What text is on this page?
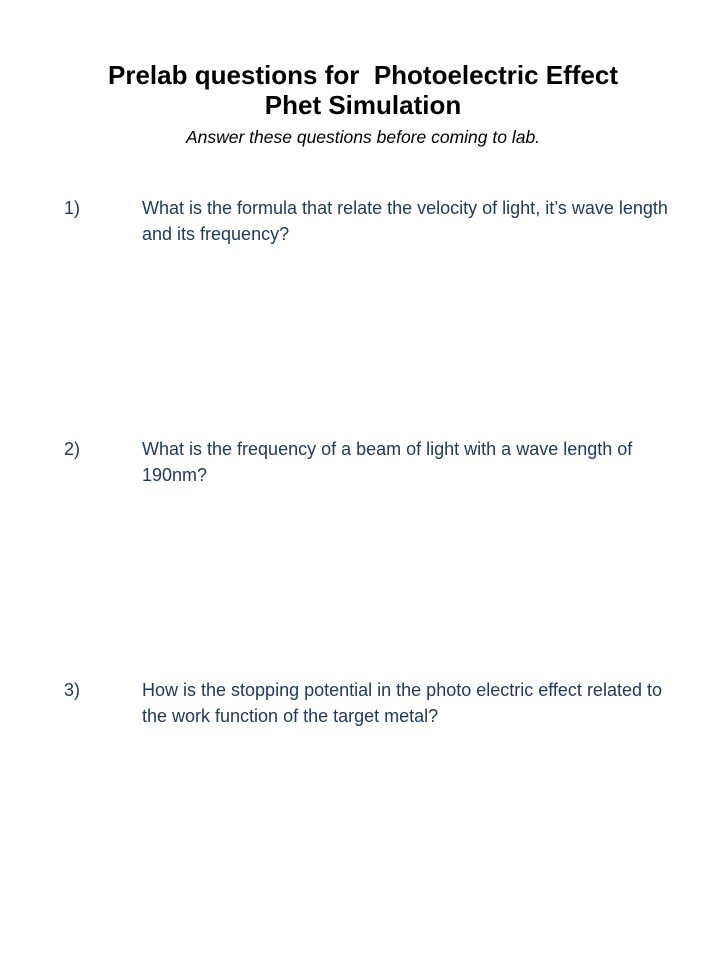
Prelab questions for  Photoelectric Effect
Phet Simulation

Answer these questions before coming to lab.

1)	What is the formula that relate the velocity of light, it’s wave length and its frequency?
2)	What is the frequency of a beam of light with a wave length of 190nm?
3)	How is the stopping potential in the photo electric effect related to the work function of the target metal?
